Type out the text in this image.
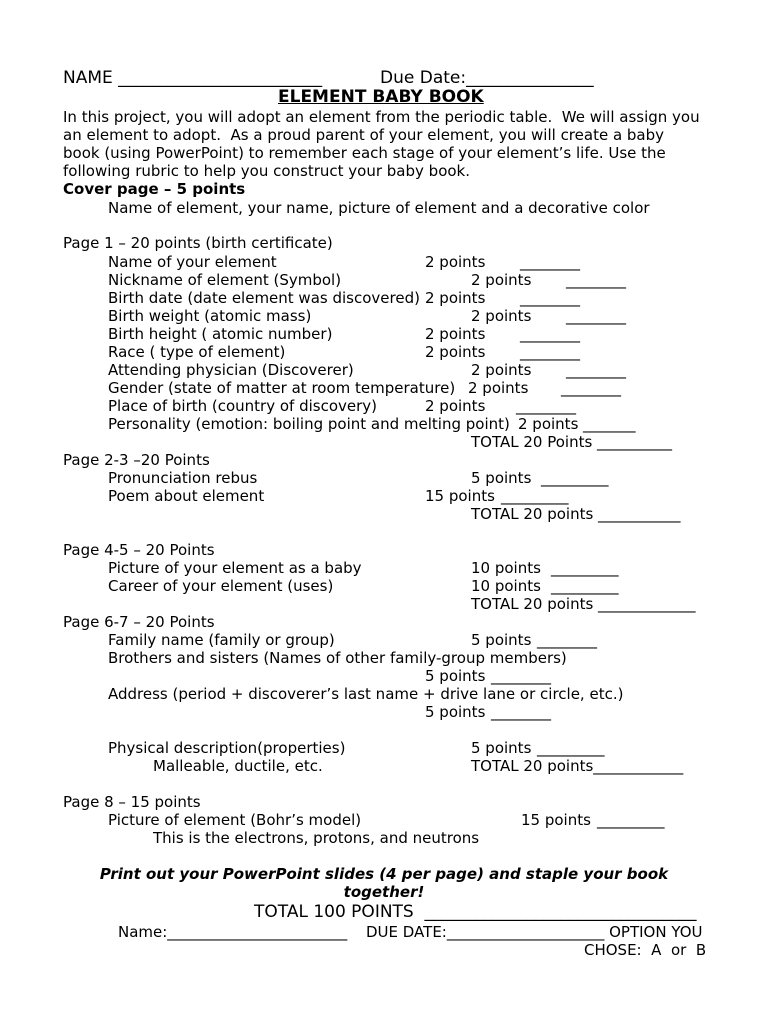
NAME ________________________	Due Date:_______________
ELEMENT BABY BOOK
In this project, you will adopt an element from the periodic table.  We will assign you
an element to adopt.  As a proud parent of your element, you will create a baby
book (using PowerPoint) to remember each stage of your element’s life. Use the
following rubric to help you construct your baby book.
Cover page – 5 points
Name of element, your name, picture of element and a decorative color
Page 1 – 20 points (birth certificate)
Name of your element	2 points ________
Nickname of element (Symbol)	2 points ________
Birth date (date element was discovered) 2 points ________
Birth weight (atomic mass)	2 points ________
Birth height ( atomic number)	2 points ________
Race ( type of element)	2 points ________
Attending physician (Discoverer)	2 points ________
Gender (state of matter at room temperature) 2 points ________
Place of birth (country of discovery)	2 points ________
Personality (emotion: boiling point and melting point) 2 points _______
TOTAL 20 Points __________
Page 2-3 –20 Points
Pronunciation rebus	5 points _________
Poem about element	15 points _________
TOTAL 20 points ___________
Page 4-5 – 20 Points
Picture of your element as a baby	10 points _________
Career of your element (uses)	10 points _________
TOTAL 20 points _____________
Page 6-7 – 20 Points
Family name (family or group)	5 points ________
Brothers and sisters (Names of other family-group members)
5 points ________
Address (period + discoverer’s last name + drive lane or circle, etc.)
5 points ________
Physical description(properties)	5 points _________
Malleable, ductile, etc.	TOTAL 20 points____________
Page 8 – 15 points
Picture of element (Bohr’s model)	15 points _________
This is the electrons, protons, and neutrons
Print out your PowerPoint slides (4 per page) and staple your book
together!
TOTAL 100 POINTS  ________________________________
Name:________________________ DUE DATE:_____________________ OPTION YOU
CHOSE:  A  or  B
